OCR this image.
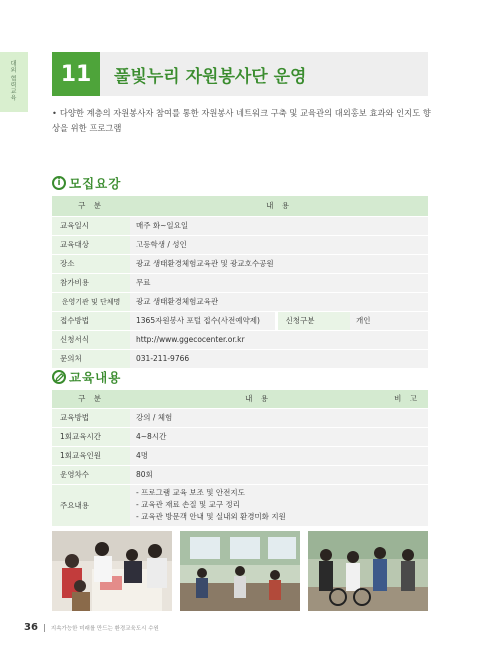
대외 협력교육	11	풀빛누리 자원봉사단 운영
• 다양한 계층의 자원봉사자 참여를 통한 자원봉사 네트워크 구축 및 교육관의 대외홍보 효과와 인지도 향상을 위한 프로그램
i 모집요강
구 분	내 용		
교육일시	매주 화~일요일		
교육대상	고등학생 / 성인		
장소	광교 생태환경체험교육관 및 광교호수공원		
참가비용	무료		
운영기관 및 단체명	광교 생태환경체험교육관		
접수방법	1365자원봉사 포털 접수(사전예약제)	신청구분	개인
신청서식	http://www.ggecocenter.or.kr		
문의처	031-211-9766		
교육내용
구 분	내 용	비 고
교육방법	강의 / 체험	
1회교육시간	4~8시간	
1회교육인원	4명	
운영차수	80회	
주요내용	- 프로그램 교육 보조 및 안전지도
- 교육관 재료 손질 및 교구 정리
- 교육관 방문객 안내 및 실내외 환경미화 지원	

36 지속가능한 미래를 만드는 환경교육도시 수원
